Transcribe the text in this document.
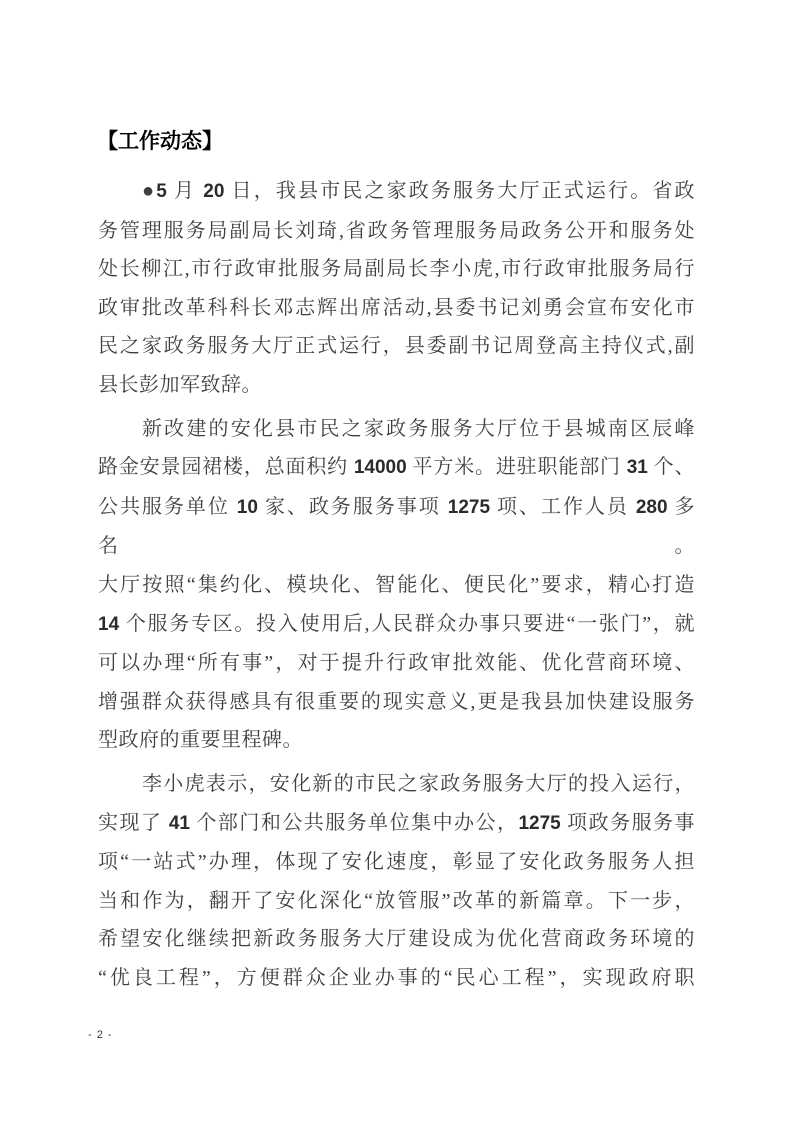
【工作动态】
●5 月 20 日，我县市民之家政务服务大厅正式运行。省政
务管理服务局副局长刘琦,省政务管理服务局政务公开和服务处
处长柳江,市行政审批服务局副局长李小虎,市行政审批服务局行
政审批改革科科长邓志辉出席活动,县委书记刘勇会宣布安化市
民之家政务服务大厅正式运行，县委副书记周登高主持仪式,副
县长彭加军致辞。
新改建的安化县市民之家政务服务大厅位于县城南区辰峰
路金安景园裙楼，总面积约 14000 平方米。进驻职能部门 31 个、
公共服务单位 10 家、政务服务事项 1275 项、工作人员 280 多名。
大厅按照“集约化、模块化、智能化、便民化”要求，精心打造
14 个服务专区。投入使用后,人民群众办事只要进“一张门”，就
可以办理“所有事”，对于提升行政审批效能、优化营商环境、
增强群众获得感具有很重要的现实意义,更是我县加快建设服务
型政府的重要里程碑。
李小虎表示，安化新的市民之家政务服务大厅的投入运行，
实现了 41 个部门和公共服务单位集中办公，1275 项政务服务事
项“一站式”办理，体现了安化速度，彰显了安化政务服务人担
当和作为，翻开了安化深化“放管服”改革的新篇章。下一步，
希望安化继续把新政务服务大厅建设成为优化营商政务环境的
“优良工程”，方便群众企业办事的“民心工程”，实现政府职
- 2 -
